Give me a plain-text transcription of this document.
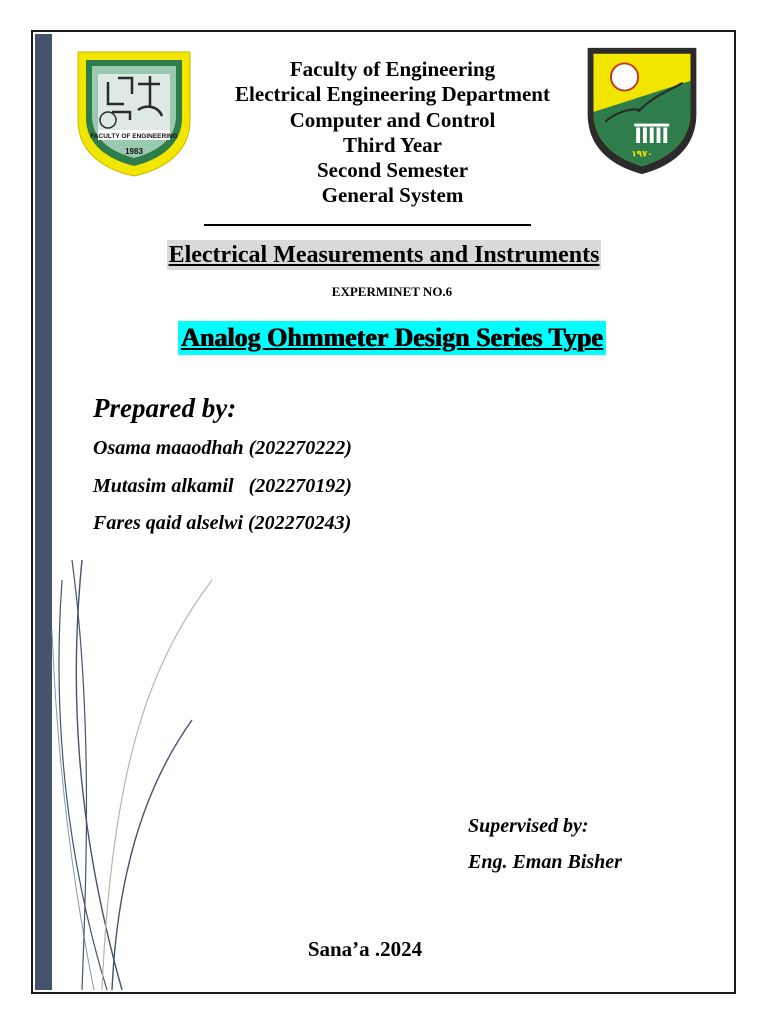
FACULTY OF ENGINEERING
1983
Faculty of Engineering
Electrical Engineering Department
Computer and Control
Third Year
Second Semester
General System
١٩٧٠
Electrical Measurements and Instruments
EXPERMINET NO.6
Analog Ohmmeter Design Series Type
Prepared by:
Osama maaodhah (202270222)
Mutasim alkamil   (202270192)
Fares qaid alselwi (202270243)
Supervised by:
Eng. Eman Bisher
Sana’a .2024
